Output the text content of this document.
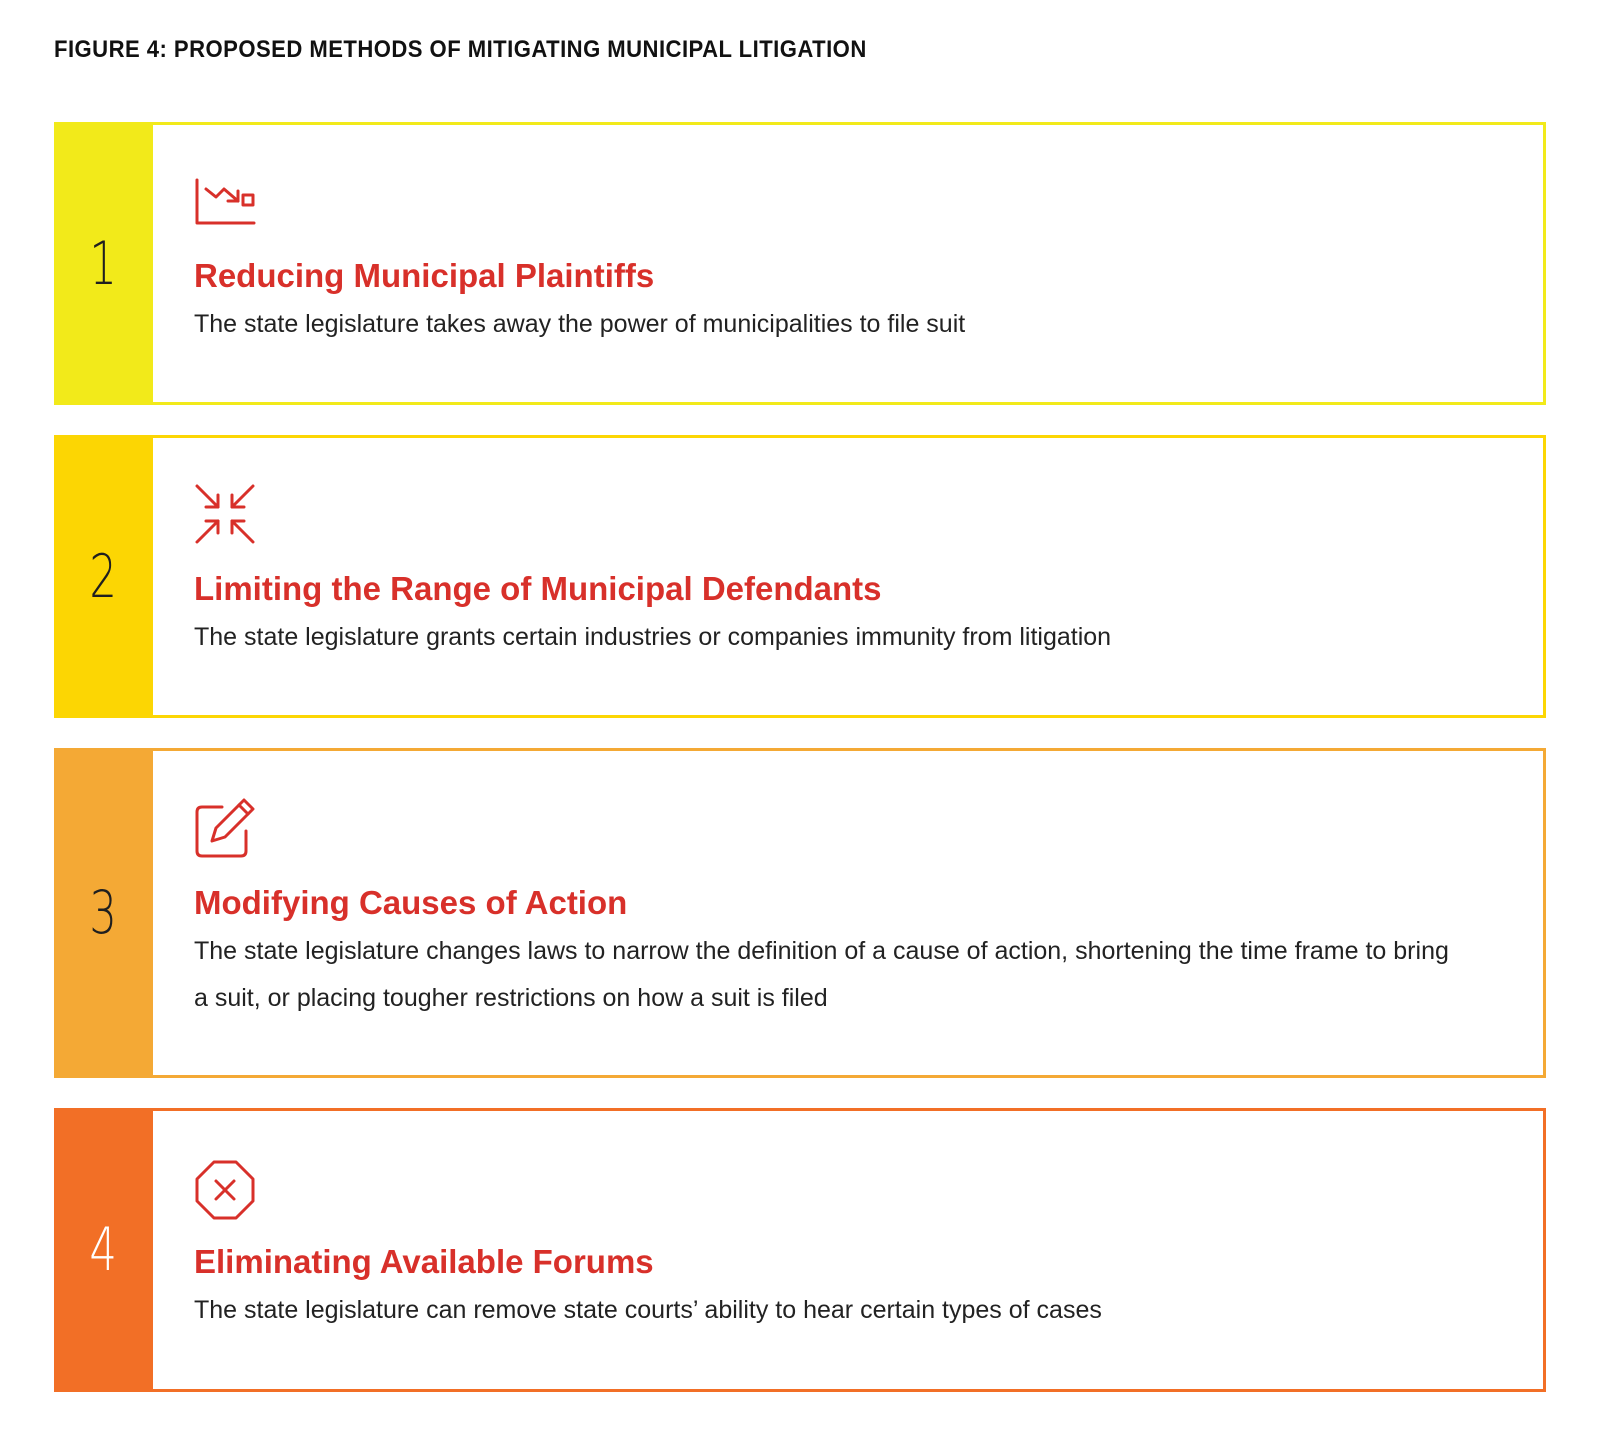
FIGURE 4: PROPOSED METHODS OF MITIGATING MUNICIPAL LITIGATION
1 Reducing Municipal Plaintiffs
The state legislature takes away the power of municipalities to file suit
2 Limiting the Range of Municipal Defendants
The state legislature grants certain industries or companies immunity from litigation
3 Modifying Causes of Action
The state legislature changes laws to narrow the definition of a cause of action, shortening the time frame to bring a suit, or placing tougher restrictions on how a suit is filed
4 Eliminating Available Forums
The state legislature can remove state courts’ ability to hear certain types of cases
